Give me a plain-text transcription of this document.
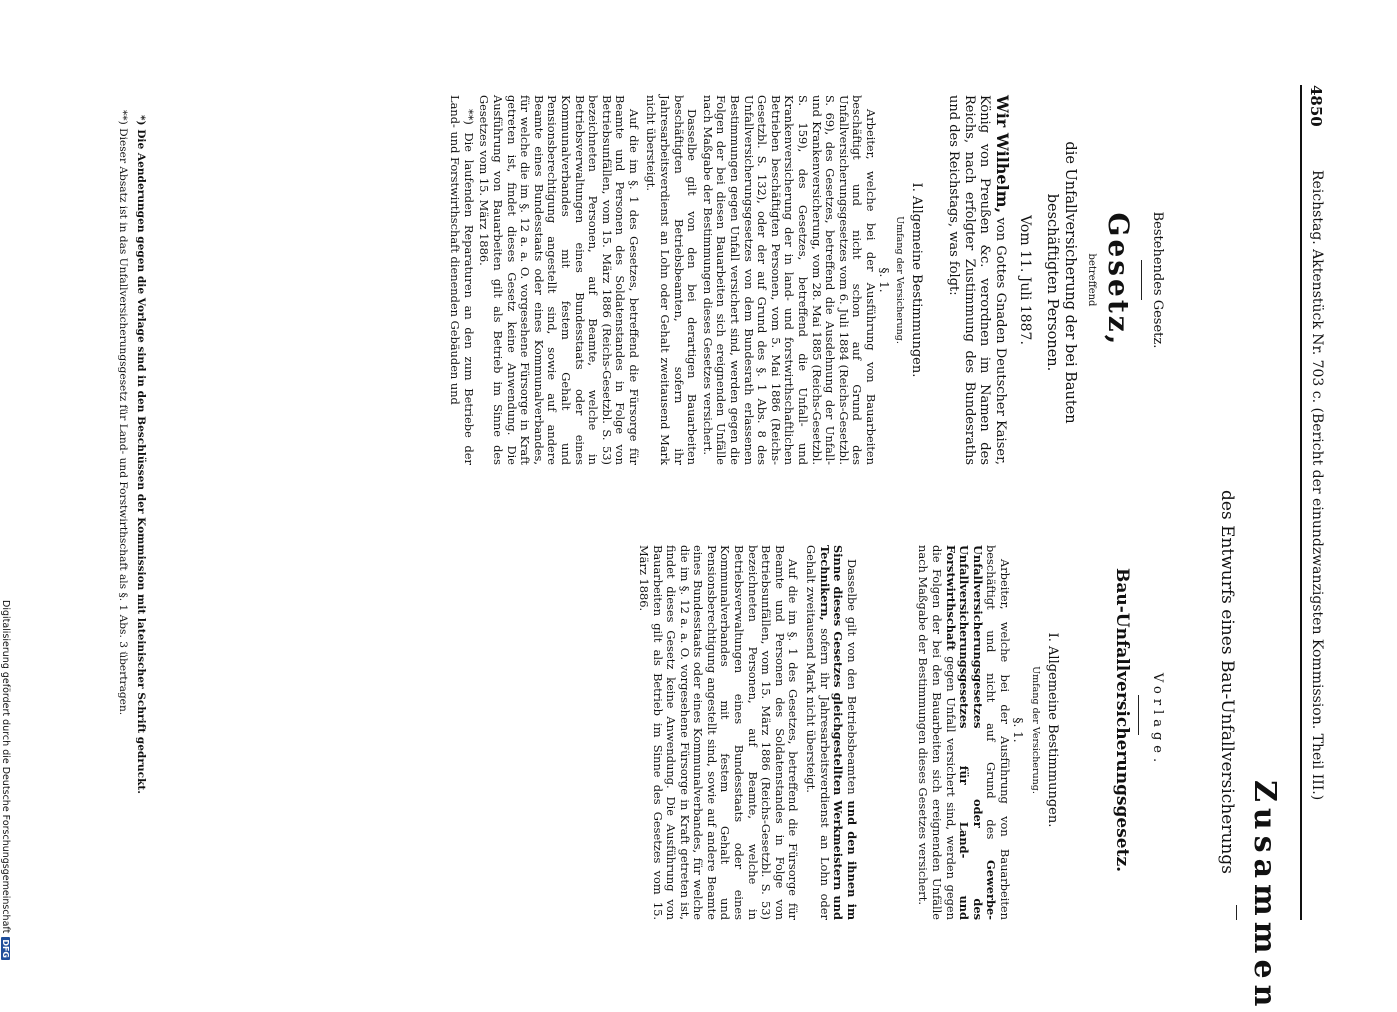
4850
Reichstag. Aktenstück Nr. 703 c. (Bericht der einundzwanzigsten Kommission. Theil III.)
Zusammen
des Entwurfs eines Bau-Unfallversicherungs
Bestehendes Gesetz.
Gesetz,
betreffend
die Unfallversicherung der bei Bauten beschäftigten Personen.
Vom 11. Juli 1887.

Wir Wilhelm, von Gottes Gnaden Deutscher Kaiser, König von Preußen &c. verordnen im Namen des Reichs, nach erfolgter Zustimmung des Bundesraths und des Reichstags, was folgt:

I. Allgemeine Bestimmungen.
Umfang der Versicherung.
§. 1.

Arbeiter, welche bei der Ausführung von Bauarbeiten beschäftigt und nicht schon auf Grund des Unfallversicherungsgesetzes vom 6. Juli 1884 (Reichs-Gesetzbl. S. 69), des Gesetzes, betreffend die Ausdehnung der Unfall- und Krankenversicherung, vom 28. Mai 1885 (Reichs-Gesetzbl. S. 159), des Gesetzes, betreffend die Unfall- und Krankenversicherung der in land- und forstwirthschaftlichen Betrieben beschäftigten Personen, vom 5. Mai 1886 (Reichs-Gesetzbl. S. 132), oder der auf Grund des §. 1 Abs. 8 des Unfallversicherungsgesetzes von dem Bundesrath erlassenen Bestimmungen gegen Unfall versichert sind, werden gegen die Folgen der bei diesen Bauarbeiten sich ereignenden Unfälle nach Maßgabe der Bestimmungen dieses Gesetzes versichert.

Dasselbe gilt von den bei derartigen Bauarbeiten beschäftigten Betriebsbeamten, sofern ihr Jahresarbeitsverdienst an Lohn oder Gehalt zweitausend Mark nicht übersteigt.

Auf die im §. 1 des Gesetzes, betreffend die Fürsorge für Beamte und Personen des Soldatenstandes in Folge von Betriebsunfällen, vom 15. März 1886 (Reichs-Gesetzbl. S. 53) bezeichneten Personen, auf Beamte, welche in Betriebsverwaltungen eines Bundesstaats oder eines Kommunalverbandes mit festem Gehalt und Pensionsberechtigung angestellt sind, sowie auf andere Beamte eines Bundesstaats oder eines Kommunalverbandes, für welche die im §. 12 a. a. O. vorgesehene Fürsorge in Kraft getreten ist, findet dieses Gesetz keine Anwendung. Die Ausführung von Bauarbeiten gilt als Betrieb im Sinne des Gesetzes vom 15. März 1886.

**) Die laufenden Reparaturen an den zum Betriebe der Land- und Forstwirthschaft dienenden Gebäuden und

Vorlage.
Bau-Unfallversicherungsgesetz.
I. Allgemeine Bestimmungen.
Umfang der Versicherung.
§. 1.

Arbeiter, welche bei der Ausführung von Bauarbeiten beschäftigt und nicht auf Grund des Gewerbe-Unfallversicherungsgesetzes oder des Unfallversicherungsgesetzes für Land- und Forstwirthschaft gegen Unfall versichert sind, werden gegen die Folgen der bei den Bauarbeiten sich ereignenden Unfälle nach Maßgabe der Bestimmungen dieses Gesetzes versichert.

Dasselbe gilt von den Betriebsbeamten und den ihnen im Sinne dieses Gesetzes gleichgestellten Werkmeistern und Technikern, sofern ihr Jahresarbeitsverdienst an Lohn oder Gehalt zweitausend Mark nicht übersteigt.

Auf die im §. 1 des Gesetzes, betreffend die Fürsorge für Beamte und Personen des Soldatenstandes in Folge von Betriebsunfällen, vom 15. März 1886 (Reichs-Gesetzbl. S. 53) bezeichneten Personen, auf Beamte, welche in Betriebsverwaltungen eines Bundesstaats oder eines Kommunalverbandes mit festem Gehalt und Pensionsberechtigung angestellt sind, sowie auf andere Beamte eines Bundesstaats oder eines Kommunalverbandes, für welche die im §. 12 a. a. O. vorgesehene Fürsorge in Kraft getreten ist, findet dieses Gesetz keine Anwendung. Die Ausführung von Bauarbeiten gilt als Betrieb im Sinne des Gesetzes vom 15. März 1886.

*) Die Aenderungen gegen die Vorlage sind in den Beschlüssen der Kommission mit lateinischer Schrift gedruckt.
**) Dieser Absatz ist in das Unfallversicherungsgesetz für Land- und Forstwirthschaft als §. 1 Abs. 3 übertragen.
Digitalisierung gefördert durch die Deutsche ForschungsgemeinschaftDFG
